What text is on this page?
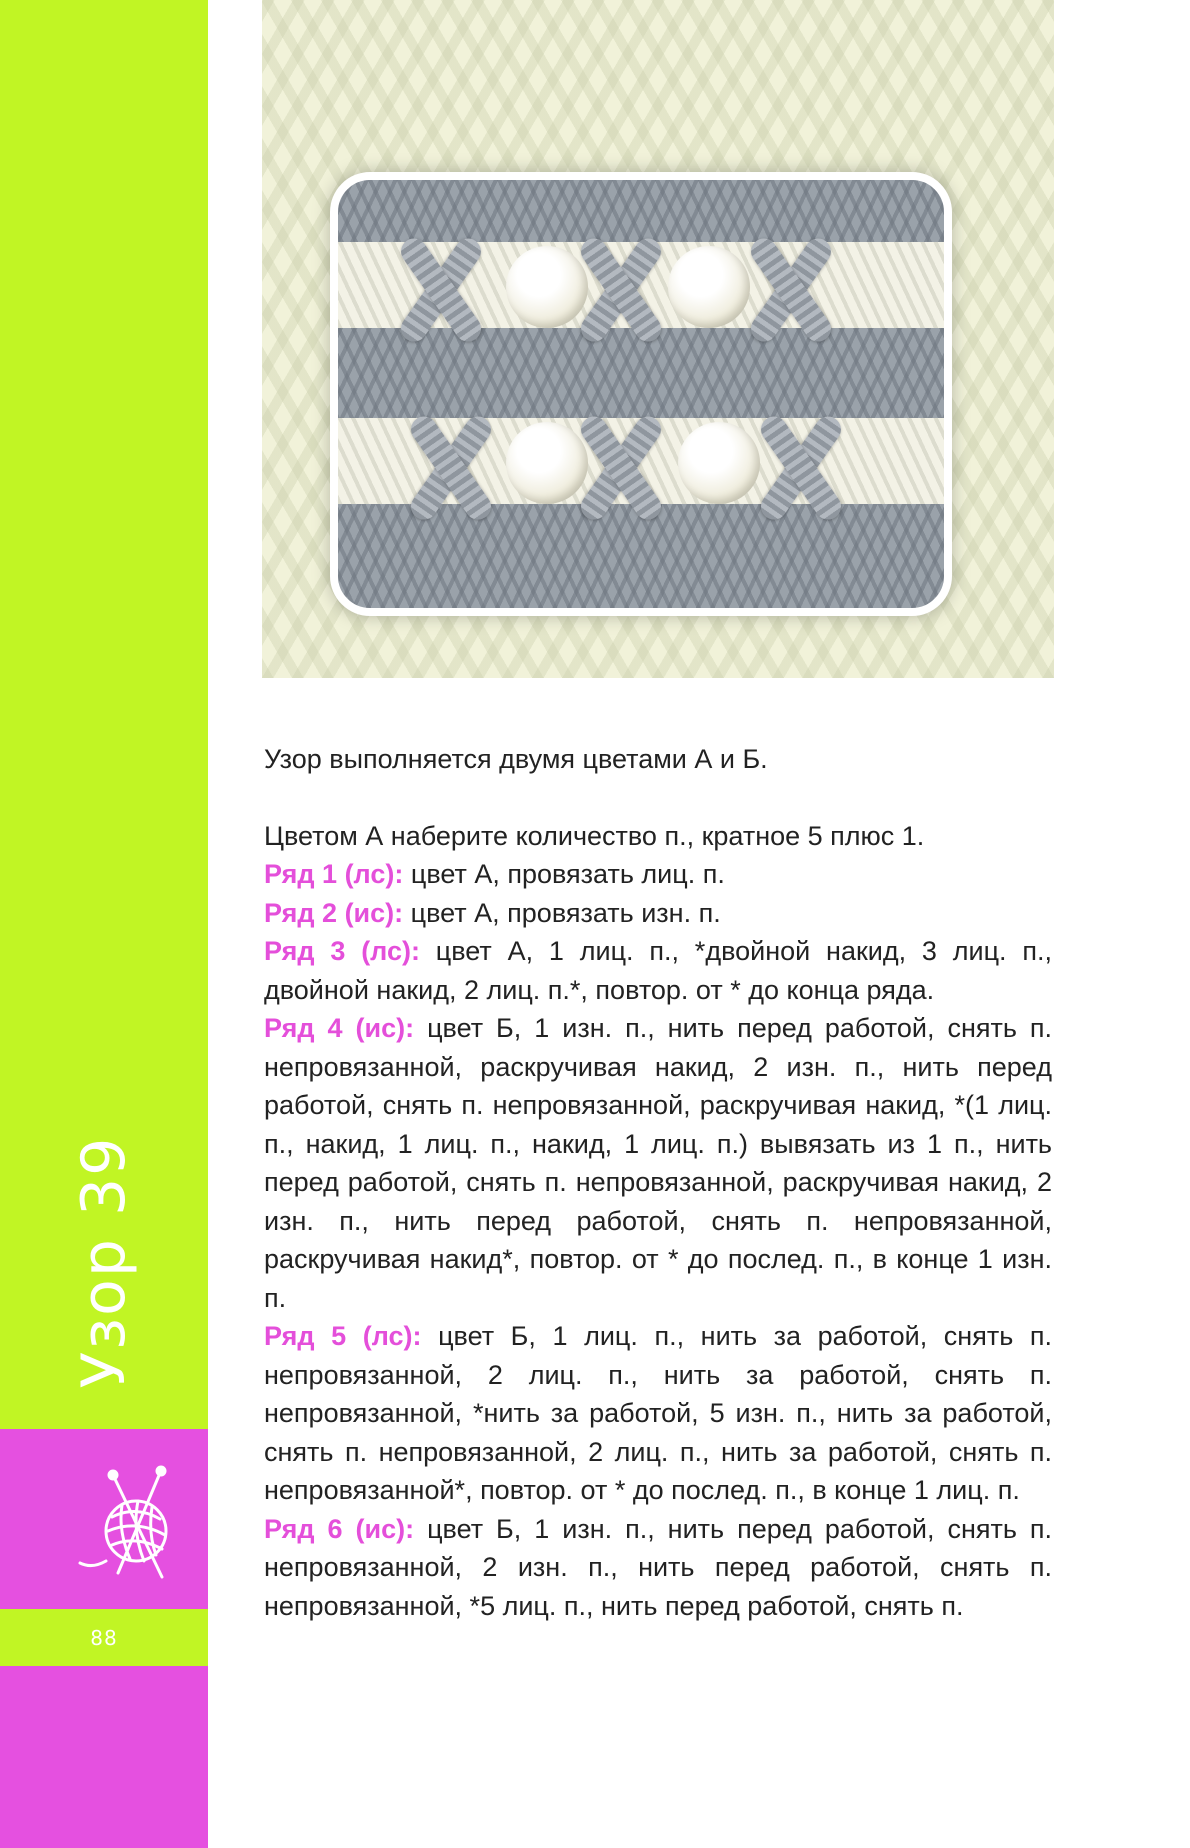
Узор 39
88

Узор выполняется двумя цветами А и Б.

Цветом А наберите количество п., кратное 5 плюс 1.

Ряд 1 (лс): цвет А, провязать лиц. п.

Ряд 2 (ис): цвет А, провязать изн. п.

Ряд 3 (лс): цвет А, 1 лиц. п., *двойной накид, 3 лиц. п., двойной накид, 2 лиц. п.*, повтор. от * до конца ряда.

Ряд 4 (ис): цвет Б, 1 изн. п., нить перед работой, снять п. непровязанной, раскручивая накид, 2 изн. п., нить перед работой, снять п. непровязанной, раскручивая накид, *(1 лиц. п., накид, 1 лиц. п., накид, 1 лиц. п.) вывязать из 1 п., нить перед работой, снять п. непровязанной, раскручивая накид, 2 изн. п., нить перед работой, снять п. непровязанной, раскручивая накид*, повтор. от * до послед. п., в конце 1 изн. п.

Ряд 5 (лс): цвет Б, 1 лиц. п., нить за работой, снять п. непровязанной, 2 лиц. п., нить за работой, снять п. непровязанной, *нить за работой, 5 изн. п., нить за работой, снять п. непровязанной, 2 лиц. п., нить за работой, снять п. непровязанной*, повтор. от * до послед. п., в конце 1 лиц. п.

Ряд 6 (ис): цвет Б, 1 изн. п., нить перед работой, снять п. непровязанной, 2 изн. п., нить перед работой, снять п. непровязанной, *5 лиц. п., нить перед работой, снять п.
